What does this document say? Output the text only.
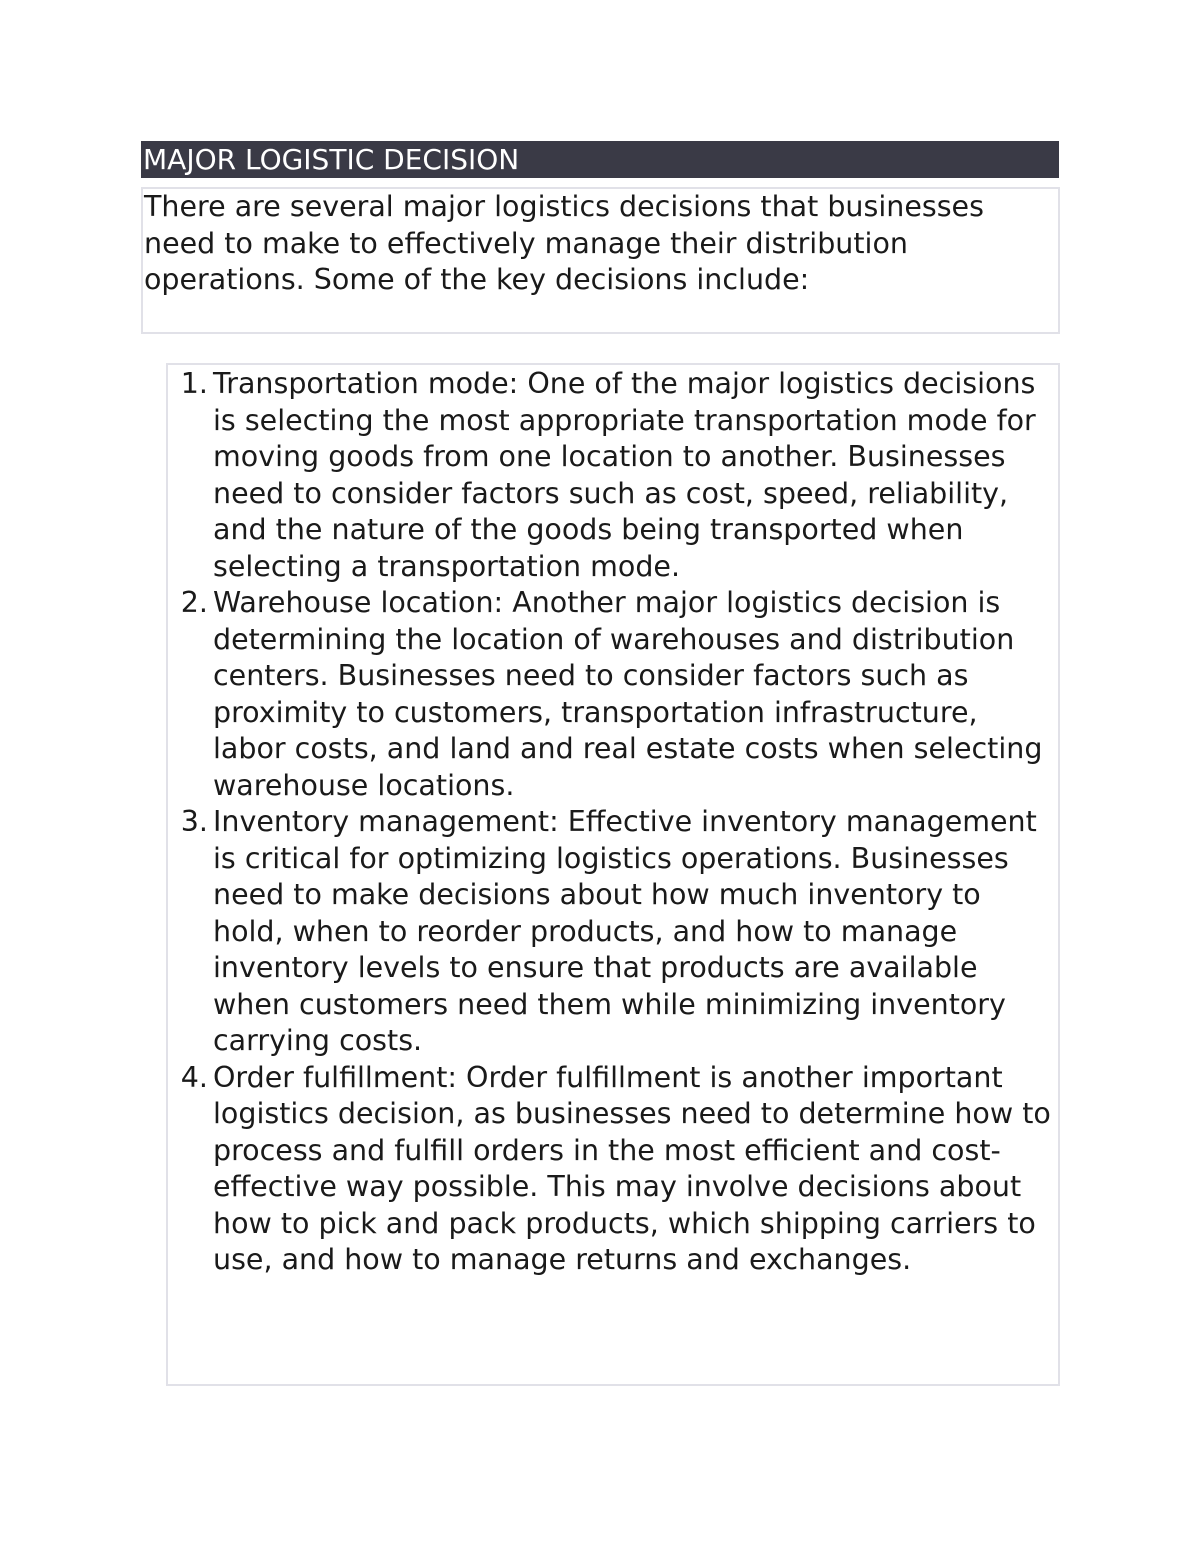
MAJOR LOGISTIC DECISION

There are several major logistics decisions that businesses need to make to effectively manage their distribution operations. Some of the key decisions include:

1. Transportation mode: One of the major logistics decisions is selecting the most appropriate transportation mode for moving goods from one location to another. Businesses need to consider factors such as cost, speed, reliability, and the nature of the goods being transported when selecting a transportation mode.
2. Warehouse location: Another major logistics decision is determining the location of warehouses and distribution centers. Businesses need to consider factors such as proximity to customers, transportation infrastructure, labor costs, and land and real estate costs when selecting warehouse locations.
3. Inventory management: Effective inventory management is critical for optimizing logistics operations. Businesses need to make decisions about how much inventory to hold, when to reorder products, and how to manage inventory levels to ensure that products are available when customers need them while minimizing inventory carrying costs.
4. Order fulfillment: Order fulfillment is another important logistics decision, as businesses need to determine how to process and fulfill orders in the most efficient and cost-effective way possible. This may involve decisions about how to pick and pack products, which shipping carriers to use, and how to manage returns and exchanges.
